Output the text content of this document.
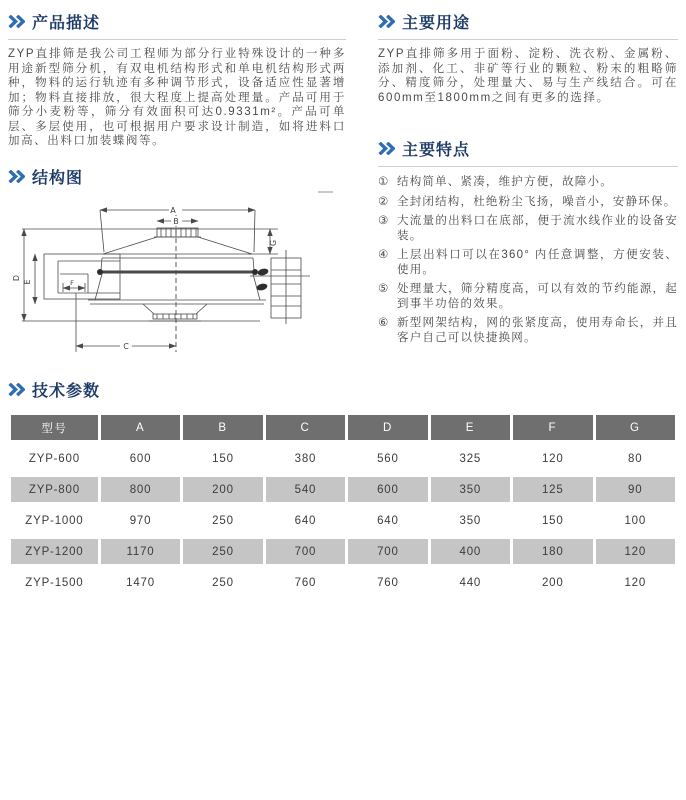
产品描述

ZYP直排筛是我公司工程师为部分行业特殊设计的一种多用途新型筛分机，有双电机结构形式和单电机结构形式两种，物料的运行轨迹有多种调节形式，设备适应性显著增加；物料直接排放，很大程度上提高处理量。产品可用于筛分小麦粉等，筛分有效面积可达0.9331m²。产品可单层、多层使用，也可根据用户要求设计制造，如将进料口加高、出料口加装蝶阀等。

结构图
A
B
C
D
E	F
G
主要用途

ZYP直排筛多用于面粉、淀粉、洗衣粉、金属粉、添加剂、化工、非矿等行业的颗粒、粉末的粗略筛分、精度筛分，处理量大、易与生产线结合。可在600mm至1800mm之间有更多的选择。

主要特点
① 结构简单、紧凑，维护方便，故障小。
② 全封闭结构，杜绝粉尘飞扬，噪音小，安静环保。
③ 大流量的出料口在底部，便于流水线作业的设备安装。
④ 上层出料口可以在360° 内任意调整，方便安装、使用。
⑤ 处理量大，筛分精度高，可以有效的节约能源，起到事半功倍的效果。
⑥ 新型网架结构，网的张紧度高，使用寿命长，并且客户自己可以快捷换网。
技术参数
型号	A	B	C	D	E	F	G
ZYP-600	600	150	380	560	325	120	80
ZYP-800	800	200	540	600	350	125	90
ZYP-1000	970	250	640	640	350	150	100
ZYP-1200	1170	250	700	700	400	180	120
ZYP-1500	1470	250	760	760	440	200	120
